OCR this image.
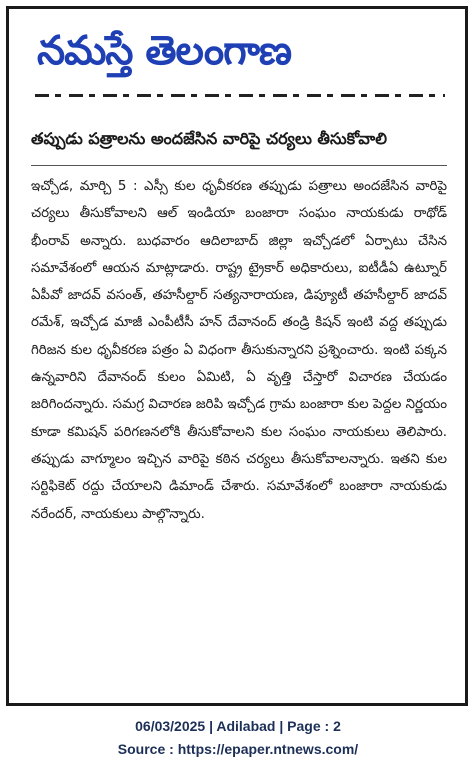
నమస్తే తెలంగాణ
తప్పుడు పత్రాలను అందజేసిన వారిపై చర్యలు తీసుకోవాలి
ఇచ్చోడ, మార్చి 5 : ఎస్సీ కుల ధృవీకరణ తప్పుడు పత్రాలు అందజేసిన వారిపై చర్యలు తీసుకోవాలని ఆల్ ఇండియా బంజారా సంఘం నాయకుడు రాథోడ్ భీంరావ్ అన్నారు. బుధవారం ఆదిలాబాద్ జిల్లా ఇచ్చోడలో ఏర్పాటు చేసిన సమావేశంలో ఆయన మాట్లాడారు. రాష్ట్ర ట్రైకార్ అధికారులు, ఐటీడీఏ ఉట్నూర్ ఏపీవో జాదవ్ వసంత్, తహసీల్దార్ సత్యనారాయణ, డిప్యూటీ తహసీల్దార్ జాదవ్ రమేశ్, ఇచ్చోడ మాజీ ఎంపీటీసీ హన్ దేవానంద్ తండ్రి కిషన్ ఇంటి వద్ద తప్పుడు గిరిజన కుల ధృవీకరణ పత్రం ఏ విధంగా తీసుకున్నారని ప్రశ్నించారు. ఇంటి పక్కన ఉన్నవారిని దేవానంద్ కులం ఏమిటి, ఏ వృత్తి చేస్తారో విచారణ చేయడం జరిగిందన్నారు. సమగ్ర విచారణ జరిపి ఇచ్చోడ గ్రామ బంజారా కుల పెద్దల నిర్ణయం కూడా కమిషన్ పరిగణనలోకి తీసుకోవాలని కుల సంఘం నాయకులు తెలిపారు. తప్పుడు వాగ్మూలం ఇచ్చిన వారిపై కఠిన చర్యలు తీసుకోవాలన్నారు. ఇతని కుల సర్టిఫికెట్ రద్దు చేయాలని డిమాండ్ చేశారు. సమావేశంలో బంజారా నాయకుడు నరేందర్, నాయకులు పాల్గొన్నారు.
06/03/2025 | Adilabad | Page : 2
Source : https://epaper.ntnews.com/
